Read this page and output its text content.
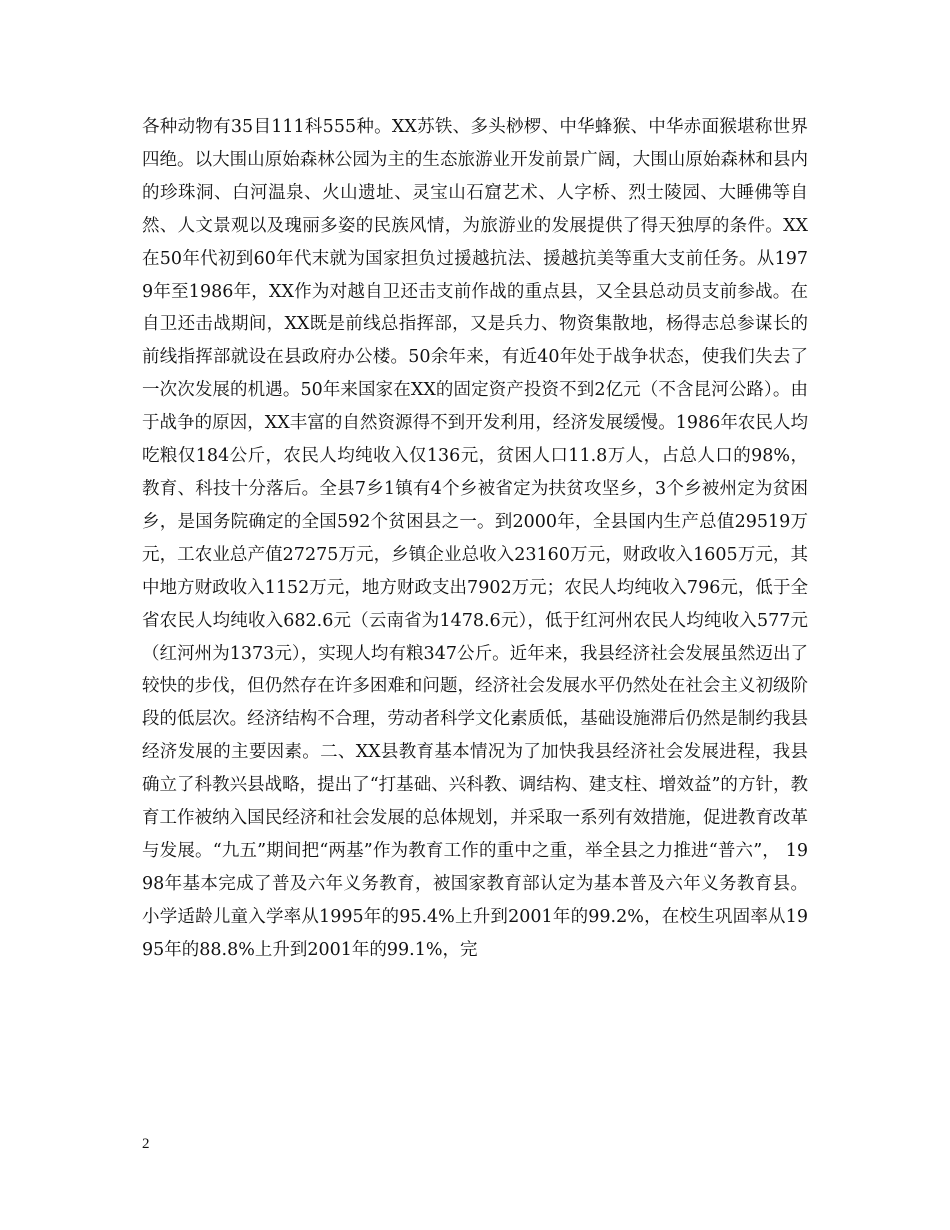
各种动物有35目111科555种。XX苏铁、多头桫椤、中华蜂猴、中华赤面猴堪称世界四绝。以大围山原始森林公园为主的生态旅游业开发前景广阔，大围山原始森林和县内的珍珠洞、白河温泉、火山遗址、灵宝山石窟艺术、人字桥、烈士陵园、大睡佛等自然、人文景观以及瑰丽多姿的民族风情，为旅游业的发展提供了得天独厚的条件。XX在50年代初到60年代末就为国家担负过援越抗法、援越抗美等重大支前任务。从1979年至1986年，XX作为对越自卫还击支前作战的重点县，又全县总动员支前参战。在自卫还击战期间，XX既是前线总指挥部，又是兵力、物资集散地，杨得志总参谋长的前线指挥部就设在县政府办公楼。50余年来，有近40年处于战争状态，使我们失去了一次次发展的机遇。50年来国家在XX的固定资产投资不到2亿元（不含昆河公路）。由于战争的原因，XX丰富的自然资源得不到开发利用，经济发展缓慢。1986年农民人均吃粮仅184公斤，农民人均纯收入仅136元，贫困人口11.8万人，占总人口的98%，教育、科技十分落后。全县7乡1镇有4个乡被省定为扶贫攻坚乡，3个乡被州定为贫困乡，是国务院确定的全国592个贫困县之一。到2000年，全县国内生产总值29519万元，工农业总产值27275万元，乡镇企业总收入23160万元，财政收入1605万元，其中地方财政收入1152万元，地方财政支出7902万元；农民人均纯收入796元，低于全省农民人均纯收入682.6元（云南省为1478.6元），低于红河州农民人均纯收入577元（红河州为1373元），实现人均有粮347公斤。近年来，我县经济社会发展虽然迈出了较快的步伐，但仍然存在许多困难和问题，经济社会发展水平仍然处在社会主义初级阶段的低层次。经济结构不合理，劳动者科学文化素质低，基础设施滞后仍然是制约我县经济发展的主要因素。二、XX县教育基本情况为了加快我县经济社会发展进程，我县确立了科教兴县战略，提出了“打基础、兴科教、调结构、建支柱、增效益”的方针，教育工作被纳入国民经济和社会发展的总体规划，并采取一系列有效措施，促进教育改革与发展。“九五”期间把“两基”作为教育工作的重中之重，举全县之力推进“普六”， 1998年基本完成了普及六年义务教育，被国家教育部认定为基本普及六年义务教育县。小学适龄儿童入学率从1995年的95.4%上升到2001年的99.2%，在校生巩固率从1995年的88.8%上升到2001年的99.1%，完

2
